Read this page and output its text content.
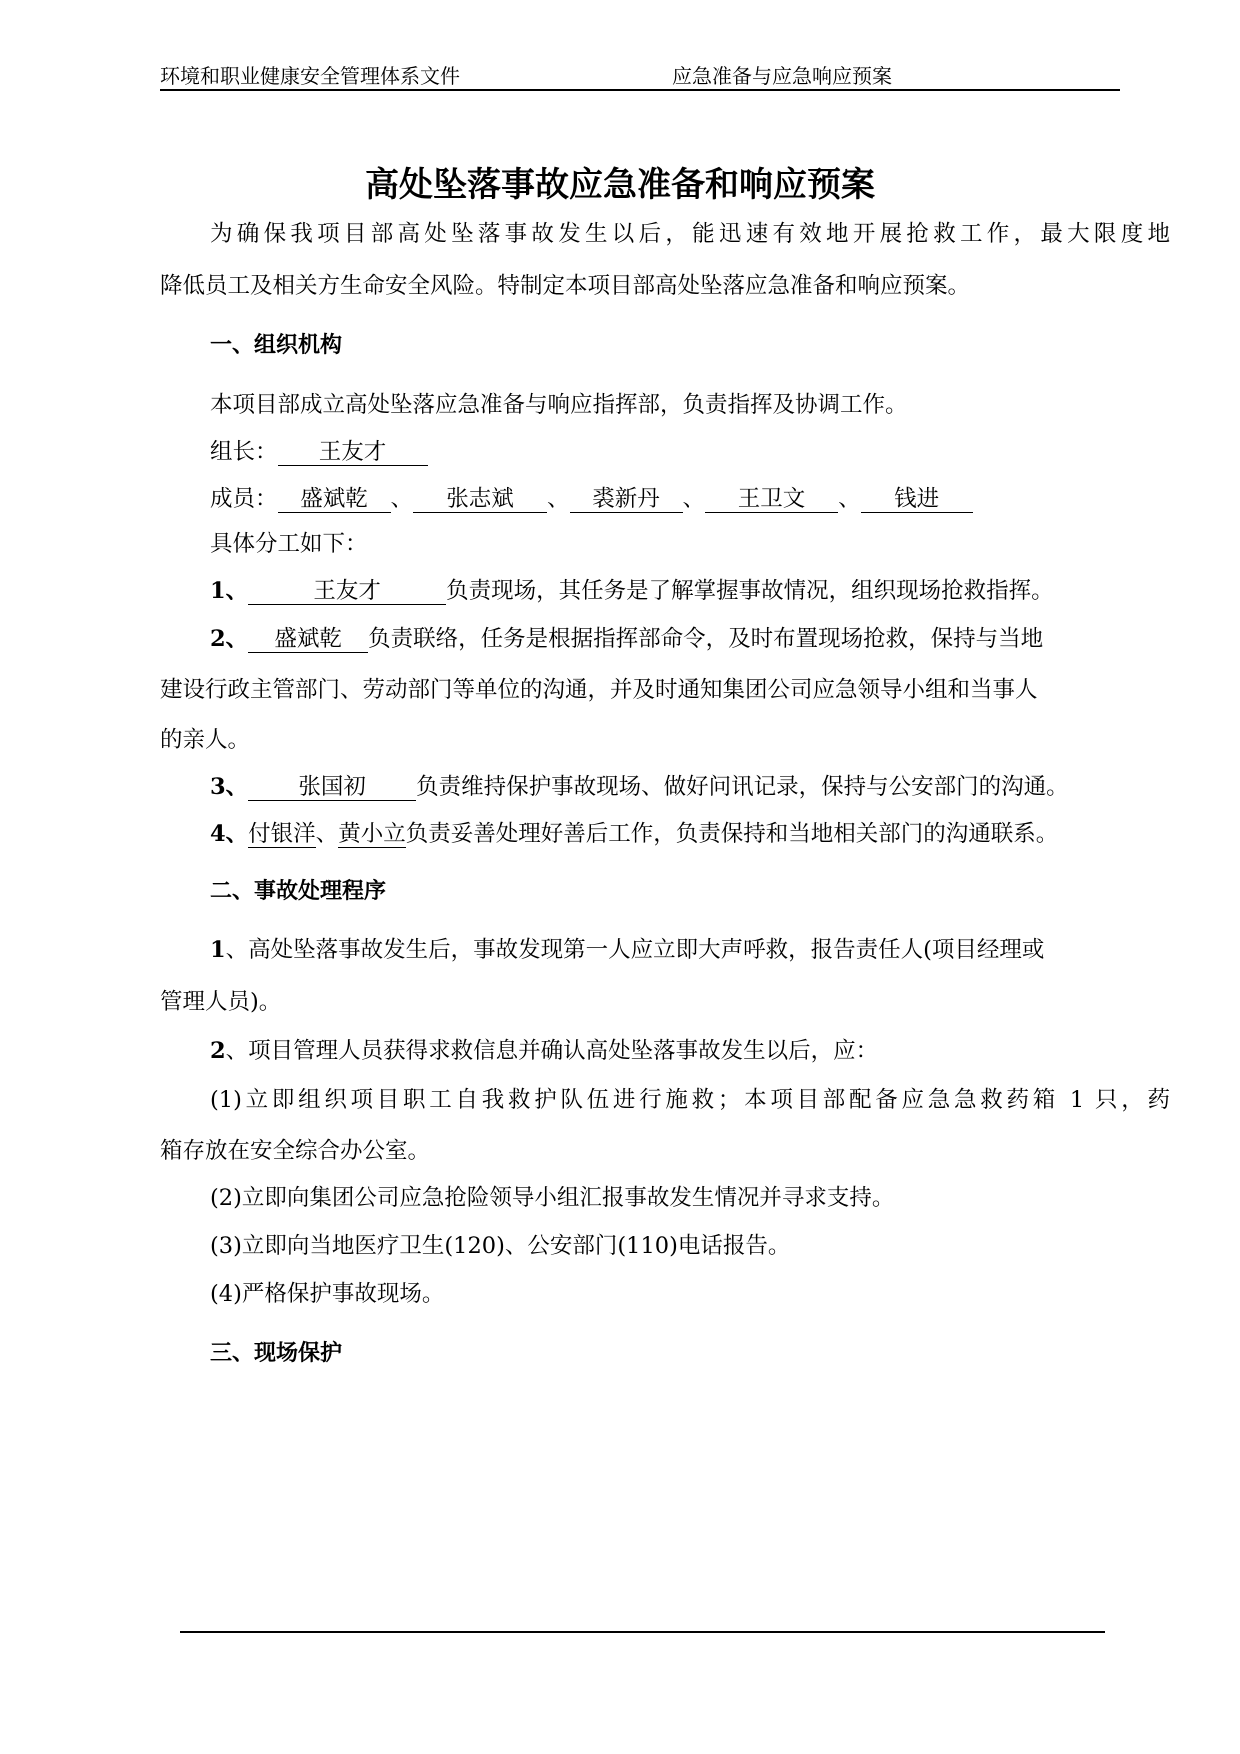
环境和职业健康安全管理体系文件	应急准备与应急响应预案
高处坠落事故应急准备和响应预案
为确保我项目部高处坠落事故发生以后，能迅速有效地开展抢救工作，最大限度地
降低员工及相关方生命安全风险。特制定本项目部高处坠落应急准备和响应预案。
一、组织机构
本项目部成立高处坠落应急准备与响应指挥部，负责指挥及协调工作。
组长： 王友才
成员： 盛斌乾 、 张志斌 、 裘新丹 、 王卫文 、 钱进
具体分工如下：
1、	王友才	负责现场，其任务是了解掌握事故情况，组织现场抢救指挥。
2、 盛斌乾 负责联络，任务是根据指挥部命令，及时布置现场抢救，保持与当地
建设行政主管部门、劳动部门等单位的沟通，并及时通知集团公司应急领导小组和当事人
的亲人。
3、 张国初 负责维持保护事故现场、做好问讯记录，保持与公安部门的沟通。
4、付银洋、黄小立负责妥善处理好善后工作，负责保持和当地相关部门的沟通联系。
二、事故处理程序
1、高处坠落事故发生后，事故发现第一人应立即大声呼救，报告责任人(项目经理或
管理人员)。
2、项目管理人员获得求救信息并确认高处坠落事故发生以后，应：
(1)立即组织项目职工自我救护队伍进行施救；本项目部配备应急急救药箱 1 只，药
箱存放在安全综合办公室。
(2)立即向集团公司应急抢险领导小组汇报事故发生情况并寻求支持。
(3)立即向当地医疗卫生(120)、公安部门(110)电话报告。
(4)严格保护事故现场。
三、现场保护
